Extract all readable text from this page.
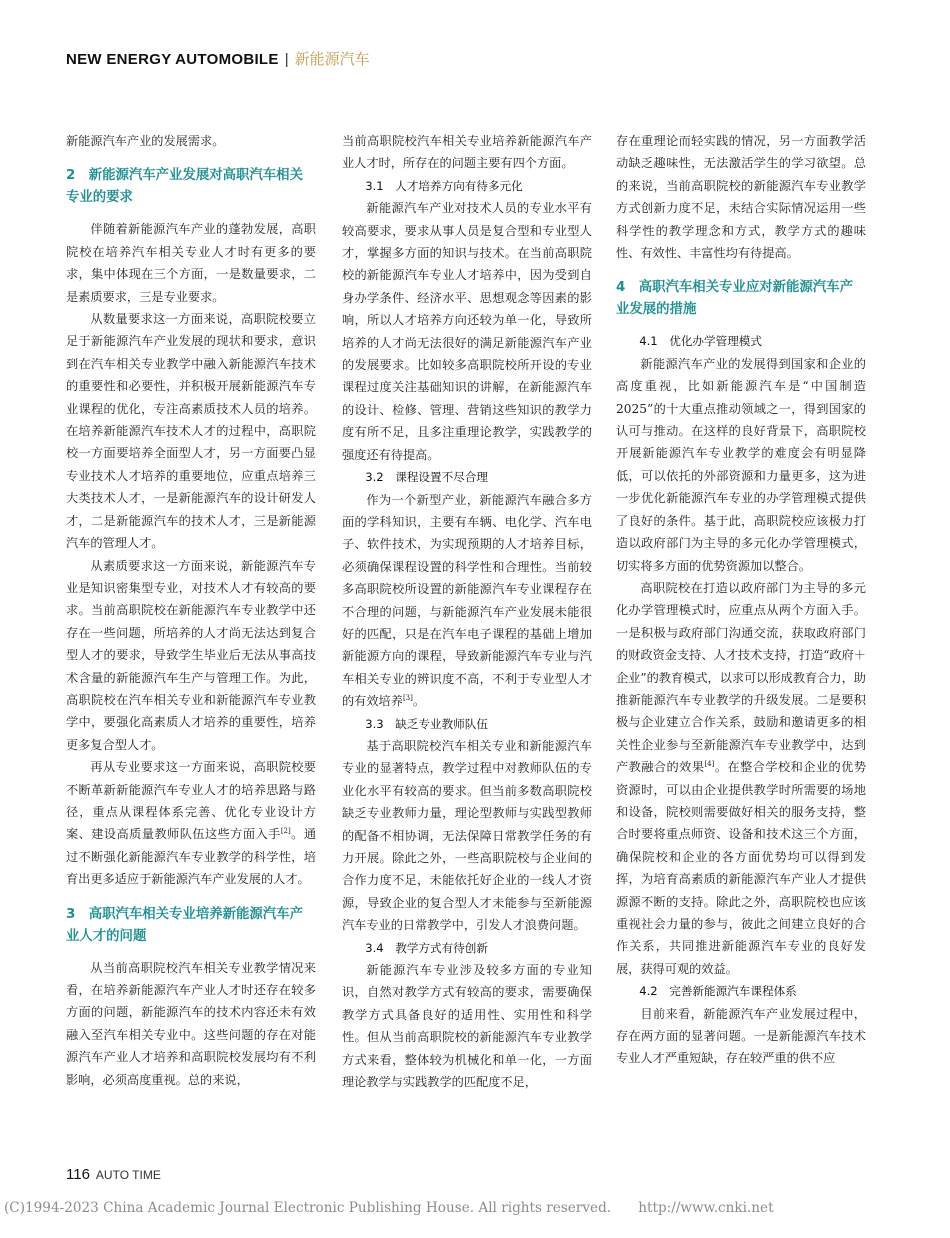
NEW ENERGY AUTOMOBILE | 新能源汽车

新能源汽车产业的发展需求。

2　新能源汽车产业发展对高职汽车相关专业的要求

伴随着新能源汽车产业的蓬勃发展，高职院校在培养汽车相关专业人才时有更多的要求，集中体现在三个方面，一是数量要求，二是素质要求，三是专业要求。

从数量要求这一方面来说，高职院校要立足于新能源汽车产业发展的现状和要求，意识到在汽车相关专业教学中融入新能源汽车技术的重要性和必要性，并积极开展新能源汽车专业课程的优化，专注高素质技术人员的培养。在培养新能源汽车技术人才的过程中，高职院校一方面要培养全面型人才，另一方面要凸显专业技术人才培养的重要地位，应重点培养三大类技术人才，一是新能源汽车的设计研发人才，二是新能源汽车的技术人才，三是新能源汽车的管理人才。

从素质要求这一方面来说，新能源汽车专业是知识密集型专业，对技术人才有较高的要求。当前高职院校在新能源汽车专业教学中还存在一些问题，所培养的人才尚无法达到复合型人才的要求，导致学生毕业后无法从事高技术含量的新能源汽车生产与管理工作。为此，高职院校在汽车相关专业和新能源汽车专业教学中，要强化高素质人才培养的重要性，培养更多复合型人才。

再从专业要求这一方面来说，高职院校要不断革新新能源汽车专业人才的培养思路与路径，重点从课程体系完善、优化专业设计方案、建设高质量教师队伍这些方面入手[2]。通过不断强化新能源汽车专业教学的科学性，培育出更多适应于新能源汽车产业发展的人才。

3　高职汽车相关专业培养新能源汽车产业人才的问题

从当前高职院校汽车相关专业教学情况来看，在培养新能源汽车产业人才时还存在较多方面的问题，新能源汽车的技术内容还未有效融入至汽车相关专业中。这些问题的存在对能源汽车产业人才培养和高职院校发展均有不利影响，必须高度重视。总的来说，

当前高职院校汽车相关专业培养新能源汽车产业人才时，所存在的问题主要有四个方面。

3.1　人才培养方向有待多元化

新能源汽车产业对技术人员的专业水平有较高要求，要求从事人员是复合型和专业型人才，掌握多方面的知识与技术。在当前高职院校的新能源汽车专业人才培养中，因为受到自身办学条件、经济水平、思想观念等因素的影响，所以人才培养方向还较为单一化，导致所培养的人才尚无法很好的满足新能源汽车产业的发展要求。比如较多高职院校所开设的专业课程过度关注基础知识的讲解，在新能源汽车的设计、检修、管理、营销这些知识的教学力度有所不足，且多注重理论教学，实践教学的强度还有待提高。

3.2　课程设置不尽合理

作为一个新型产业，新能源汽车融合多方面的学科知识，主要有车辆、电化学、汽车电子、软件技术，为实现预期的人才培养目标，必须确保课程设置的科学性和合理性。当前较多高职院校所设置的新能源汽车专业课程存在不合理的问题，与新能源汽车产业发展未能很好的匹配，只是在汽车电子课程的基础上增加新能源方向的课程，导致新能源汽车专业与汽车相关专业的辨识度不高，不利于专业型人才的有效培养[3]。

3.3　缺乏专业教师队伍

基于高职院校汽车相关专业和新能源汽车专业的显著特点，教学过程中对教师队伍的专业化水平有较高的要求。但当前多数高职院校缺乏专业教师力量，理论型教师与实践型教师的配备不相协调，无法保障日常教学任务的有力开展。除此之外，一些高职院校与企业间的合作力度不足，未能依托好企业的一线人才资源，导致企业的复合型人才未能参与至新能源汽车专业的日常教学中，引发人才浪费问题。

3.4　教学方式有待创新

新能源汽车专业涉及较多方面的专业知识，自然对教学方式有较高的要求，需要确保教学方式具备良好的适用性、实用性和科学性。但从当前高职院校的新能源汽车专业教学方式来看，整体较为机械化和单一化，一方面理论教学与实践教学的匹配度不足，

存在重理论而轻实践的情况，另一方面教学活动缺乏趣味性，无法激活学生的学习欲望。总的来说，当前高职院校的新能源汽车专业教学方式创新力度不足，未结合实际情况运用一些科学性的教学理念和方式，教学方式的趣味性、有效性、丰富性均有待提高。

4　高职汽车相关专业应对新能源汽车产业发展的措施
4.1　优化办学管理模式

新能源汽车产业的发展得到国家和企业的高度重视，比如新能源汽车是“中国制造2025”的十大重点推动领域之一，得到国家的认可与推动。在这样的良好背景下，高职院校开展新能源汽车专业教学的难度会有明显降低，可以依托的外部资源和力量更多，这为进一步优化新能源汽车专业的办学管理模式提供了良好的条件。基于此，高职院校应该极力打造以政府部门为主导的多元化办学管理模式，切实将多方面的优势资源加以整合。

高职院校在打造以政府部门为主导的多元化办学管理模式时，应重点从两个方面入手。一是积极与政府部门沟通交流，获取政府部门的财政资金支持、人才技术支持，打造“政府＋企业”的教育模式，以求可以形成教育合力，助推新能源汽车专业教学的升级发展。二是要积极与企业建立合作关系，鼓励和邀请更多的相关性企业参与至新能源汽车专业教学中，达到产教融合的效果[4]。在整合学校和企业的优势资源时，可以由企业提供教学时所需要的场地和设备，院校则需要做好相关的服务支持，整合时要将重点师资、设备和技术这三个方面，确保院校和企业的各方面优势均可以得到发挥，为培育高素质的新能源汽车产业人才提供源源不断的支持。除此之外，高职院校也应该重视社会力量的参与，彼此之间建立良好的合作关系，共同推进新能源汽车专业的良好发展，获得可观的效益。

4.2　完善新能源汽车课程体系

目前来看，新能源汽车产业发展过程中，存在两方面的显著问题。一是新能源汽车技术专业人才严重短缺，存在较严重的供不应

116 AUTO TIME
(C)1994-2023 China Academic Journal Electronic Publishing House. All rights reserved.　　http://www.cnki.net
